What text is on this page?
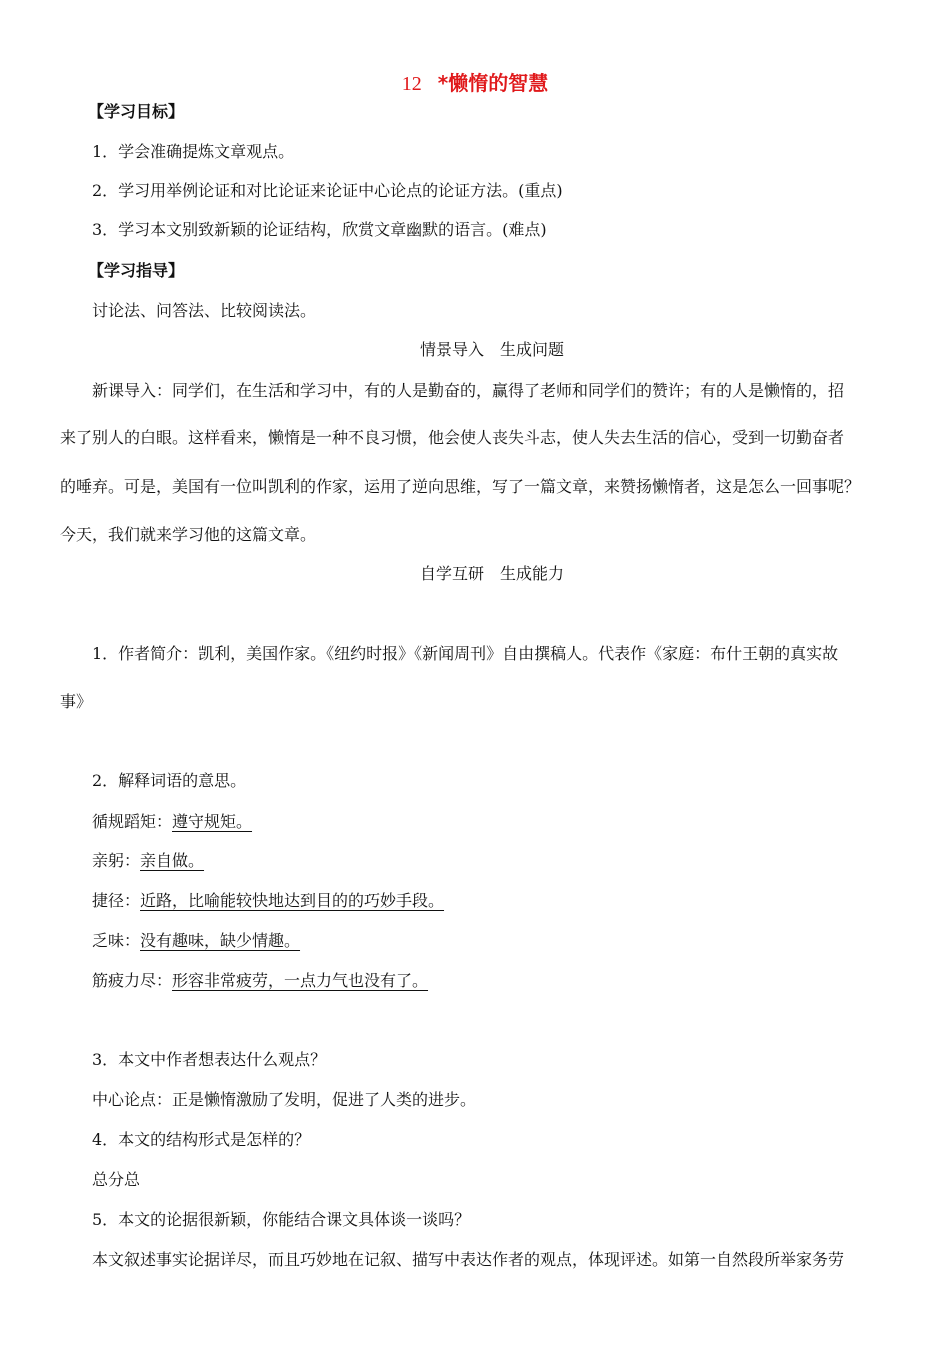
12 *懒惰的智慧
【学习目标】
1．学会准确提炼文章观点。
2．学习用举例论证和对比论证来论证中心论点的论证方法。(重点)
3．学习本文别致新颖的论证结构，欣赏文章幽默的语言。(难点)
【学习指导】
讨论法、问答法、比较阅读法。
情景导入　生成问题
新课导入：同学们，在生活和学习中，有的人是勤奋的，赢得了老师和同学们的赞许；有的人是懒惰的，招
来了别人的白眼。这样看来，懒惰是一种不良习惯，他会使人丧失斗志，使人失去生活的信心，受到一切勤奋者
的唾弃。可是，美国有一位叫凯利的作家，运用了逆向思维，写了一篇文章，来赞扬懒惰者，这是怎么一回事呢？
今天，我们就来学习他的这篇文章。
自学互研　生成能力
1．作者简介：凯利，美国作家。《纽约时报》《新闻周刊》自由撰稿人。代表作《家庭：布什王朝的真实故
事》
2．解释词语的意思。
循规蹈矩：遵守规矩。
亲躬：亲自做。
捷径：近路，比喻能较快地达到目的的巧妙手段。
乏味：没有趣味，缺少情趣。
筋疲力尽：形容非常疲劳，一点力气也没有了。
3．本文中作者想表达什么观点？
中心论点：正是懒惰激励了发明，促进了人类的进步。
4．本文的结构形式是怎样的？
总分总
5．本文的论据很新颖，你能结合课文具体谈一谈吗？
本文叙述事实论据详尽，而且巧妙地在记叙、描写中表达作者的观点，体现评述。如第一自然段所举家务劳
